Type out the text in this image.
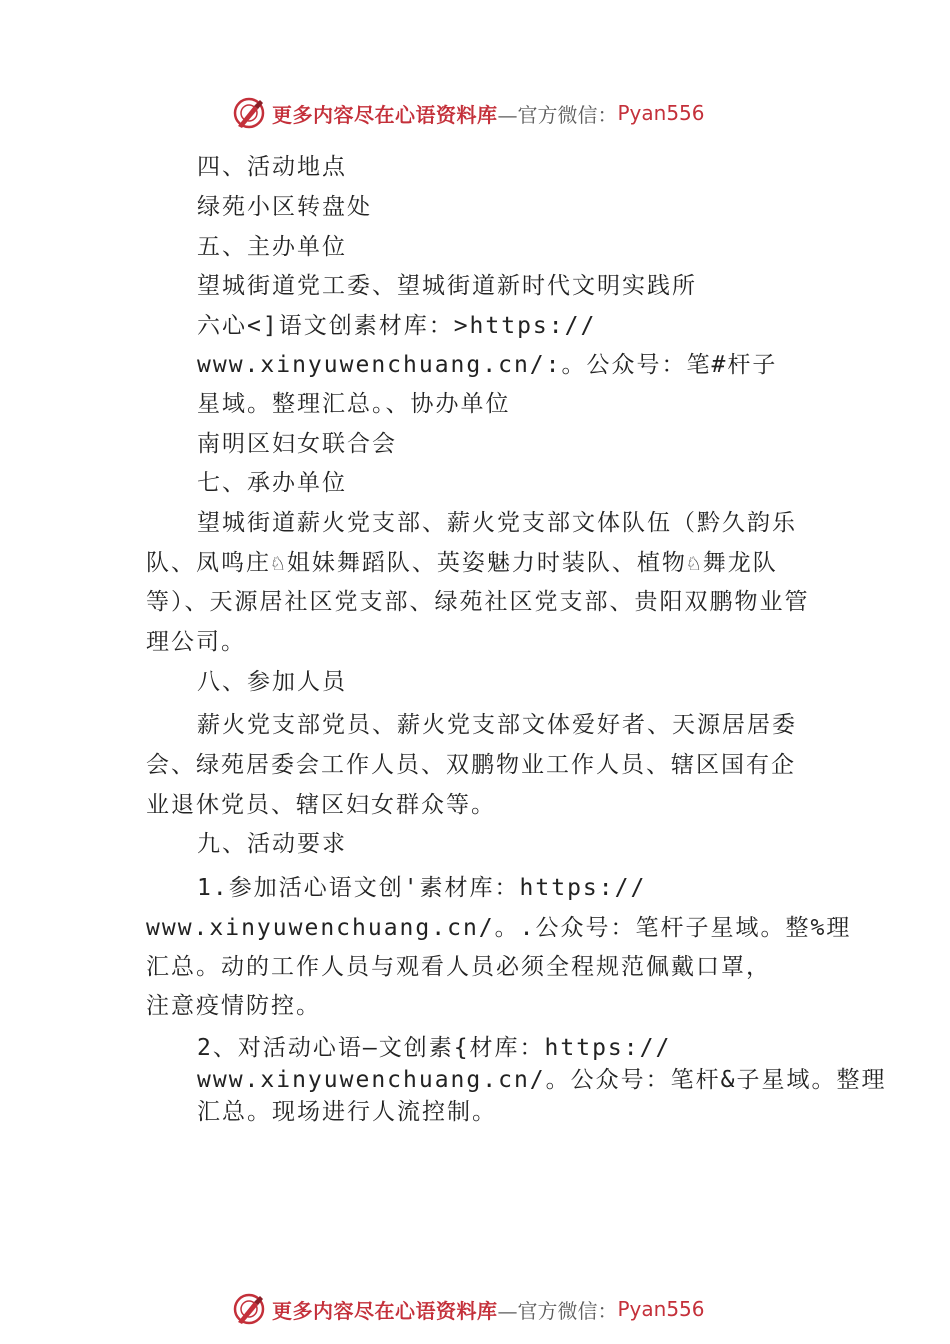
更多内容尽在心语资料库 —官方微信： Pyan556
四、活动地点
绿苑小区转盘处
五、主办单位
望城街道党工委、望城街道新时代文明实践所
六心<]语文创素材库：>https://
www.xinyuwenchuang.cn/:。公众号：笔#杆子
星域。整理汇总。、协办单位
南明区妇女联合会
七、承办单位
望城街道薪火党支部、薪火党支部文体队伍（黔久韵乐
队、凤鸣庄♘姐妹舞蹈队、英姿魅力时装队、植物♘舞龙队
等）、天源居社区党支部、绿苑社区党支部、贵阳双鹏物业管
理公司。
八、参加人员
薪火党支部党员、薪火党支部文体爱好者、天源居居委
会、绿苑居委会工作人员、双鹏物业工作人员、辖区国有企
业退休党员、辖区妇女群众等。
九、活动要求
1.参加活心语文创'素材库：https://
www.xinyuwenchuang.cn/。.公众号：笔杆子星域。整%理
汇总。动的工作人员与观看人员必须全程规范佩戴口罩，
注意疫情防控。
2、对活动心语—文创素{材库：https://
www.xinyuwenchuang.cn/。公众号：笔杆&子星域。整理
汇总。现场进行人流控制。
更多内容尽在心语资料库 —官方微信： Pyan556
